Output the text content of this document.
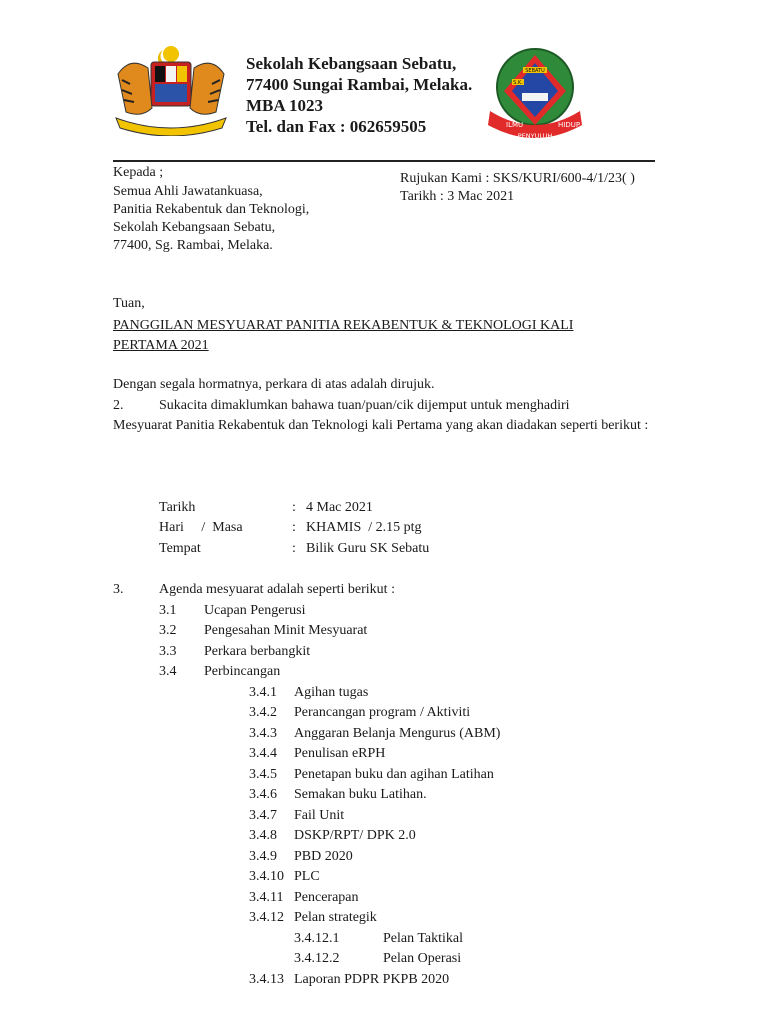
Sekolah Kebangsaan Sebatu,
77400 Sungai Rambai, Melaka.
MBA 1023
Tel. dan Fax : 062659505
SEBATU
S.K.
ILMU
PENYULUH
HIDUP
Kepada ;
Semua Ahli Jawatankuasa,
Panitia Rekabentuk dan Teknologi,
Sekolah Kebangsaan Sebatu,
77400, Sg. Rambai, Melaka.
Rujukan Kami : SKS/KURI/600-4/1/23( )
Tarikh : 3 Mac 2021
Tuan,
PANGGILAN MESYUARAT PANITIA REKABENTUK & TEKNOLOGI KALI
PERTAMA 2021
Dengan segala hormatnya, perkara di atas adalah dirujuk.
2.	Sukacita dimaklumkan bahawa tuan/puan/cik dijemput untuk menghadiri
Mesyuarat Panitia Rekabentuk dan Teknologi kali Pertama yang akan diadakan seperti berikut :
Tarikh	: 4 Mac 2021
Hari     /  Masa	: KHAMIS  / 2.15 ptg
Tempat	: Bilik Guru SK Sebatu
3.	Agenda mesyuarat adalah seperti berikut :
3.1 Ucapan Pengerusi
3.2 Pengesahan Minit Mesyuarat
3.3 Perkara berbangkit
3.4 Perbincangan
3.4.1 Agihan tugas
3.4.2 Perancangan program / Aktiviti
3.4.3 Anggaran Belanja Mengurus (ABM)
3.4.4 Penulisan eRPH
3.4.5 Penetapan buku dan agihan Latihan
3.4.6 Semakan buku Latihan.
3.4.7 Fail Unit
3.4.8 DSKP/RPT/ DPK 2.0
3.4.9 PBD 2020
3.4.10 PLC
3.4.11 Pencerapan
3.4.12 Pelan strategik
3.4.12.1	Pelan Taktikal
3.4.12.2	Pelan Operasi
3.4.13 Laporan PDPR PKPB 2020
